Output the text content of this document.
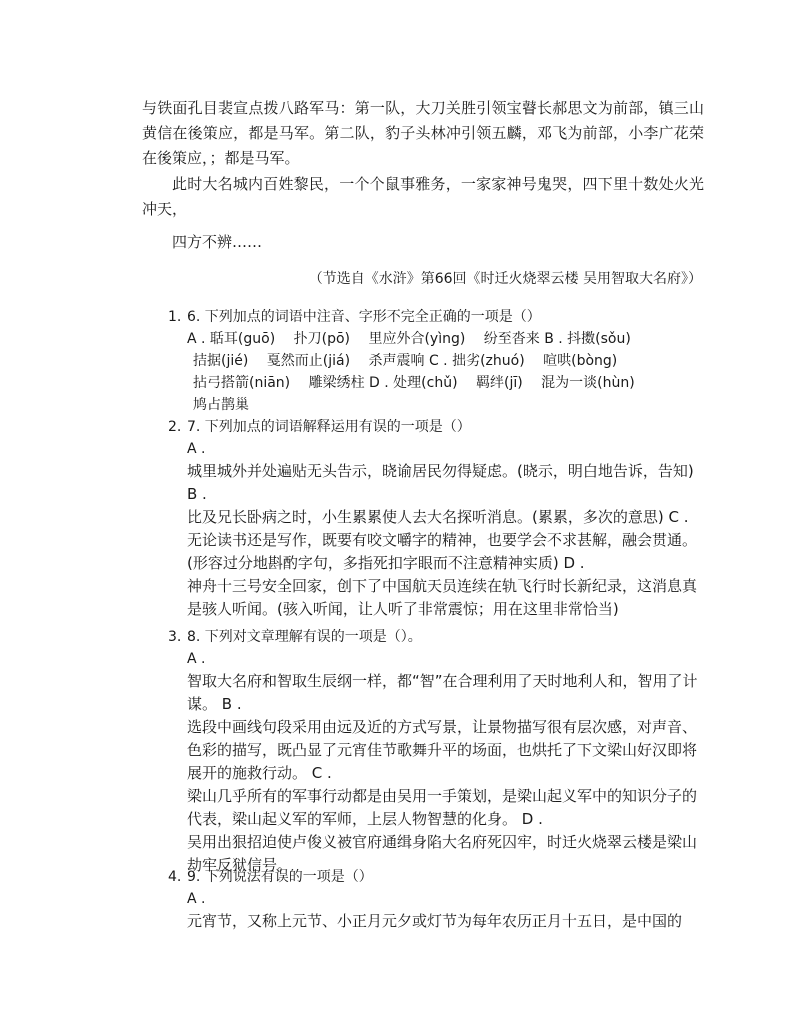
与铁面孔目裴宣点拨八路军马：第一队，大刀关胜引领宝瞽长郝思文为前部，镇三山黄信在後策应，都是马军。第二队，豹子头林冲引领五麟，邓飞为前部，小李广花荣在後策应，；都是马军。
此时大名城内百姓黎民，一个个鼠事雅务，一家家神号鬼哭，四下里十数处火光冲天，
四方不辨……
（节选自《水浒》第66回《时迁火烧翠云楼 吴用智取大名府》）
1. 6. 下列加点的词语中注音、字形不完全正确的一项是（）
A . 聒耳(guō)　 扑刀(pō)　 里应外合(yìng)　 纷至沓来 B . 抖擞(sǒu)
拮据(jié)　 戛然而止(jiá)　 杀声震响 C . 拙劣(zhuó)　 喧哄(bòng)
拈弓搭箭(niān)　 雕梁绣柱 D . 处理(chǔ)　 羁绊(jī)　 混为一谈(hùn)
鸠占鹊巢
2. 7. 下列加点的词语解释运用有误的一项是（）
A .
城里城外并处遍贴无头告示，晓谕居民勿得疑虑。(晓示，明白地告诉，告知) B .
比及兄长卧病之时，小生累累使人去大名探听消息。(累累，多次的意思) C .
无论读书还是写作，既要有咬文嚼字的精神，也要学会不求甚解，融会贯通。(形容过分地斟酌字句，多指死扣字眼而不注意精神实质) D .
神舟十三号安全回家，创下了中国航天员连续在轨飞行时长新纪录，这消息真是骇人听闻。(骇入听闻，让人听了非常震惊；用在这里非常恰当)
3. 8. 下列对文章理解有误的一项是（）。
A .
智取大名府和智取生辰纲一样，都“智”在合理利用了天时地利人和，智用了计谋。 B .
选段中画线句段采用由远及近的方式写景，让景物描写很有层次感，对声音、色彩的描写，既凸显了元宵佳节歌舞升平的场面，也烘托了下文梁山好汉即将展开的施救行动。 C .
梁山几乎所有的军事行动都是由吴用一手策划，是梁山起义军中的知识分子的代表，梁山起义军的军师，上层人物智慧的化身。 D .
吴用出狠招迫使卢俊义被官府通缉身陷大名府死囚牢，时迁火烧翠云楼是梁山劫牢反狱信号。
4. 9. 下列说法有误的一项是（）
A .
元宵节，又称上元节、小正月元夕或灯节为每年农历正月十五日，是中国的
